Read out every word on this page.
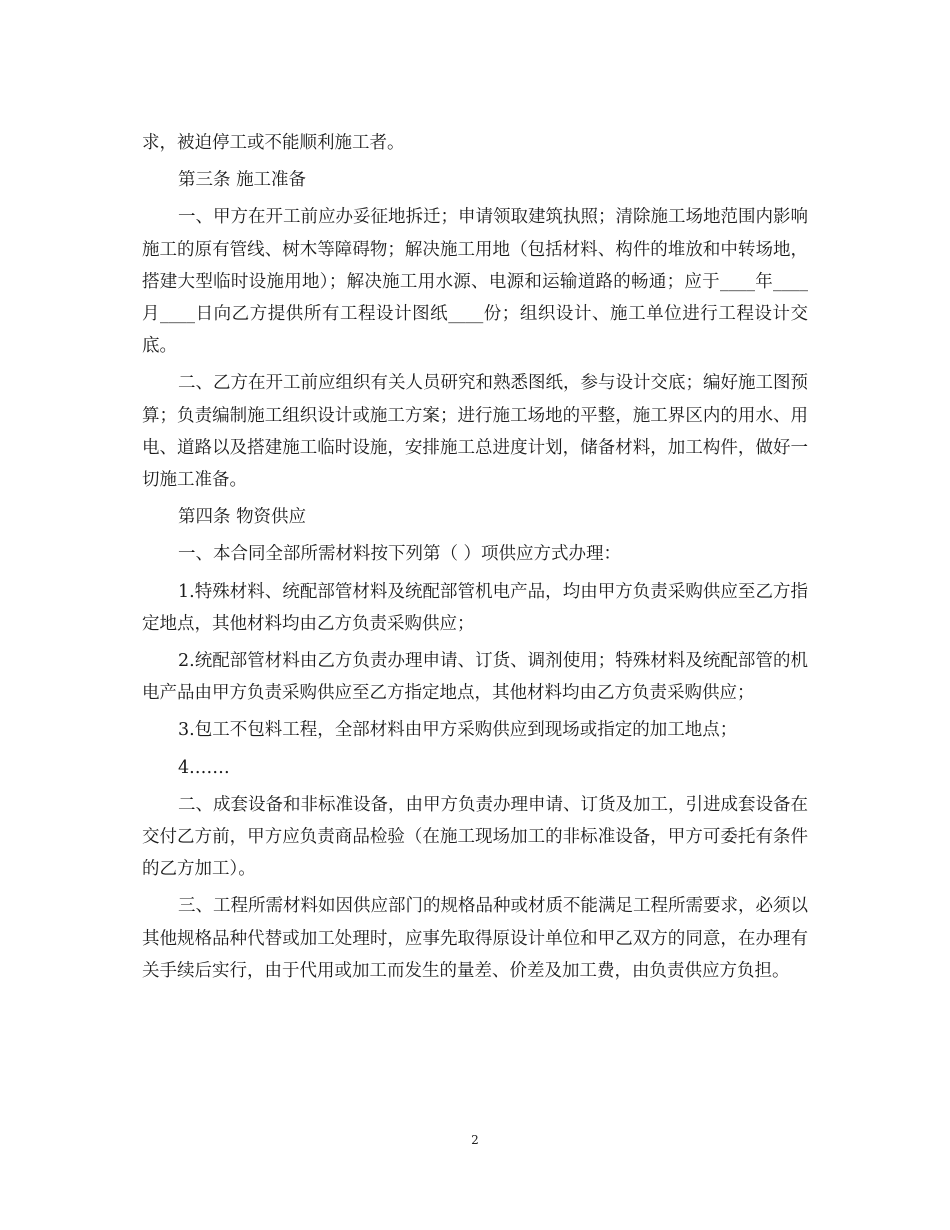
求，被迫停工或不能顺利施工者。

第三条 施工准备

一、甲方在开工前应办妥征地拆迁；申请领取建筑执照；清除施工场地范围内影响施工的原有管线、树木等障碍物；解决施工用地（包括材料、构件的堆放和中转场地，搭建大型临时设施用地）；解决施工用水源、电源和运输道路的畅通；应于____年____月____日向乙方提供所有工程设计图纸____份；组织设计、施工单位进行工程设计交底。

二、乙方在开工前应组织有关人员研究和熟悉图纸，参与设计交底；编好施工图预算；负责编制施工组织设计或施工方案；进行施工场地的平整，施工界区内的用水、用电、道路以及搭建施工临时设施，安排施工总进度计划，储备材料，加工构件，做好一切施工准备。

第四条 物资供应

一、本合同全部所需材料按下列第（ ）项供应方式办理：

1.特殊材料、统配部管材料及统配部管机电产品，均由甲方负责采购供应至乙方指定地点，其他材料均由乙方负责采购供应；

2.统配部管材料由乙方负责办理申请、订货、调剂使用；特殊材料及统配部管的机电产品由甲方负责采购供应至乙方指定地点，其他材料均由乙方负责采购供应；

3.包工不包料工程，全部材料由甲方采购供应到现场或指定的加工地点；

4.……

二、成套设备和非标准设备，由甲方负责办理申请、订货及加工，引进成套设备在交付乙方前，甲方应负责商品检验（在施工现场加工的非标准设备，甲方可委托有条件的乙方加工）。

三、工程所需材料如因供应部门的规格品种或材质不能满足工程所需要求，必须以其他规格品种代替或加工处理时，应事先取得原设计单位和甲乙双方的同意，在办理有关手续后实行，由于代用或加工而发生的量差、价差及加工费，由负责供应方负担。

2
